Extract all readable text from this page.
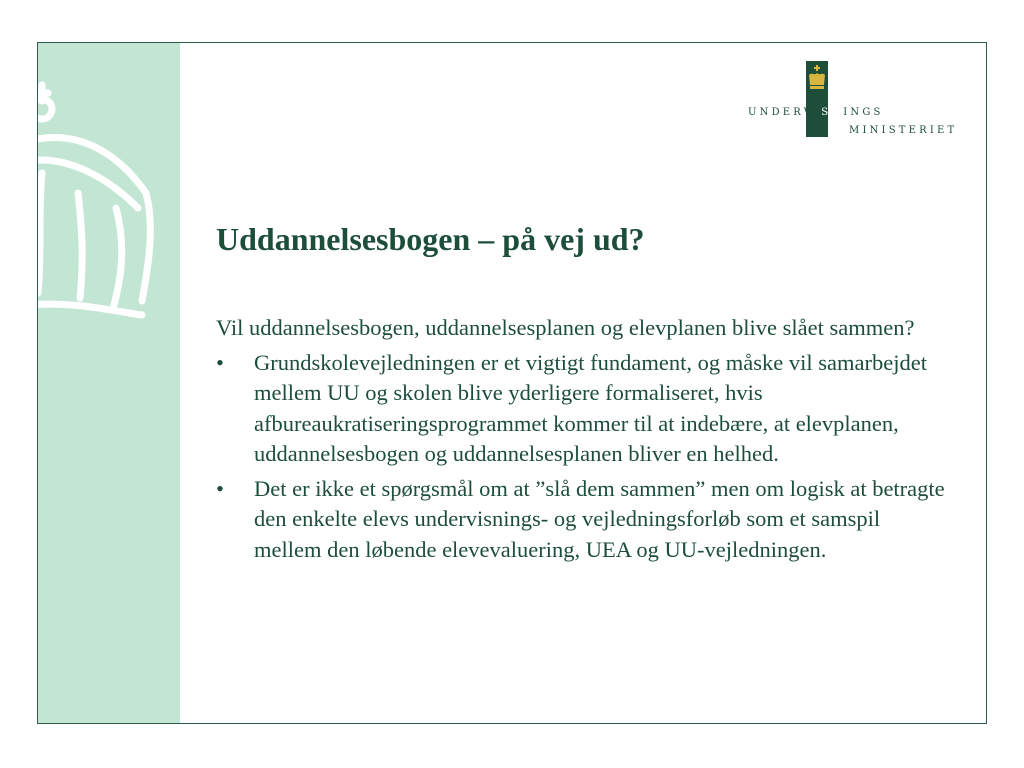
UNDERVISNINGS
MINISTERIET
Uddannelsesbogen – på vej ud?

Vil uddannelsesbogen, uddannelsesplanen og elevplanen blive slået sammen?

• Grundskolevejledningen er et vigtigt fundament, og måske vil samarbejdet mellem UU og skolen blive yderligere formaliseret, hvis afbureaukratiseringsprogrammet kommer til at indebære, at elevplanen, uddannelsesbogen og uddannelsesplanen bliver en helhed.
• Det er ikke et spørgsmål om at ”slå dem sammen” men om logisk at betragte den enkelte elevs undervisnings- og vejledningsforløb som et samspil mellem den løbende elevevaluering, UEA og UU-vejledningen.
